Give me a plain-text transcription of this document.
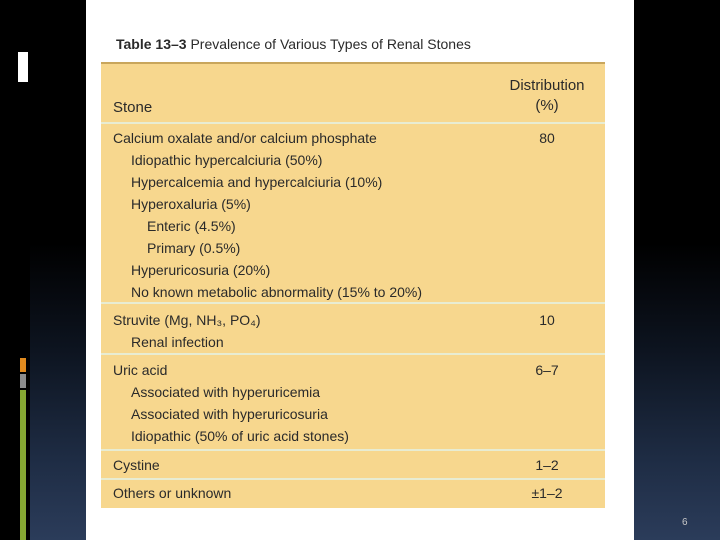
Table 13–3 Prevalence of Various Types of Renal Stones
Stone
Distribution
(%)
Calcium oxalate and/or calcium phosphate	80
Idiopathic hypercalciuria (50%)
Hypercalcemia and hypercalciuria (10%)
Hyperoxaluria (5%)
Enteric (4.5%)
Primary (0.5%)
Hyperuricosuria (20%)
No known metabolic abnormality (15% to 20%)
Struvite (Mg, NH₃, PO₄)	10
Renal infection
Uric acid	6–7
Associated with hyperuricemia
Associated with hyperuricosuria
Idiopathic (50% of uric acid stones)
Cystine	1–2
Others or unknown	±1–2
6
